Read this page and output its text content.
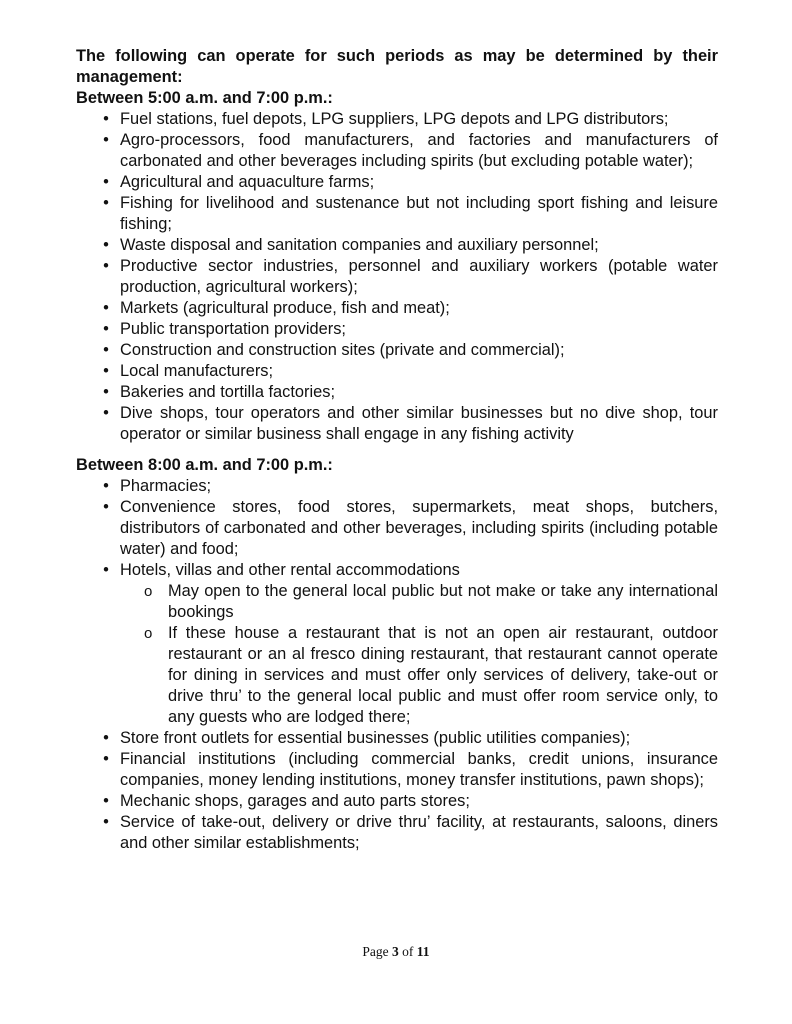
The following can operate for such periods as may be determined by their management:

Between 5:00 a.m. and 7:00 p.m.:

• Fuel stations, fuel depots, LPG suppliers, LPG depots and LPG distributors;
• Agro-processors, food manufacturers, and factories and manufacturers of carbonated and other beverages including spirits (but excluding potable water);
• Agricultural and aquaculture farms;
• Fishing for livelihood and sustenance but not including sport fishing and leisure fishing;
• Waste disposal and sanitation companies and auxiliary personnel;
• Productive sector industries, personnel and auxiliary workers (potable water production, agricultural workers);
• Markets (agricultural produce, fish and meat);
• Public transportation providers;
• Construction and construction sites (private and commercial);
• Local manufacturers;
• Bakeries and tortilla factories;
• Dive shops, tour operators and other similar businesses but no dive shop, tour operator or similar business shall engage in any fishing activity

Between 8:00 a.m. and 7:00 p.m.:

• Pharmacies;
• Convenience stores, food stores, supermarkets, meat shops, butchers, distributors of carbonated and other beverages, including spirits (including potable water) and food;
• Hotels, villas and other rental accommodations
o May open to the general local public but not make or take any international bookings
o If these house a restaurant that is not an open air restaurant, outdoor restaurant or an al fresco dining restaurant, that restaurant cannot operate for dining in services and must offer only services of delivery, take-out or drive thru’ to the general local public and must offer room service only, to any guests who are lodged there;
• Store front outlets for essential businesses (public utilities companies);
• Financial institutions (including commercial banks, credit unions, insurance companies, money lending institutions, money transfer institutions, pawn shops);
• Mechanic shops, garages and auto parts stores;
• Service of take-out, delivery or drive thru’ facility, at restaurants, saloons, diners and other similar establishments;
Page 3 of 11
